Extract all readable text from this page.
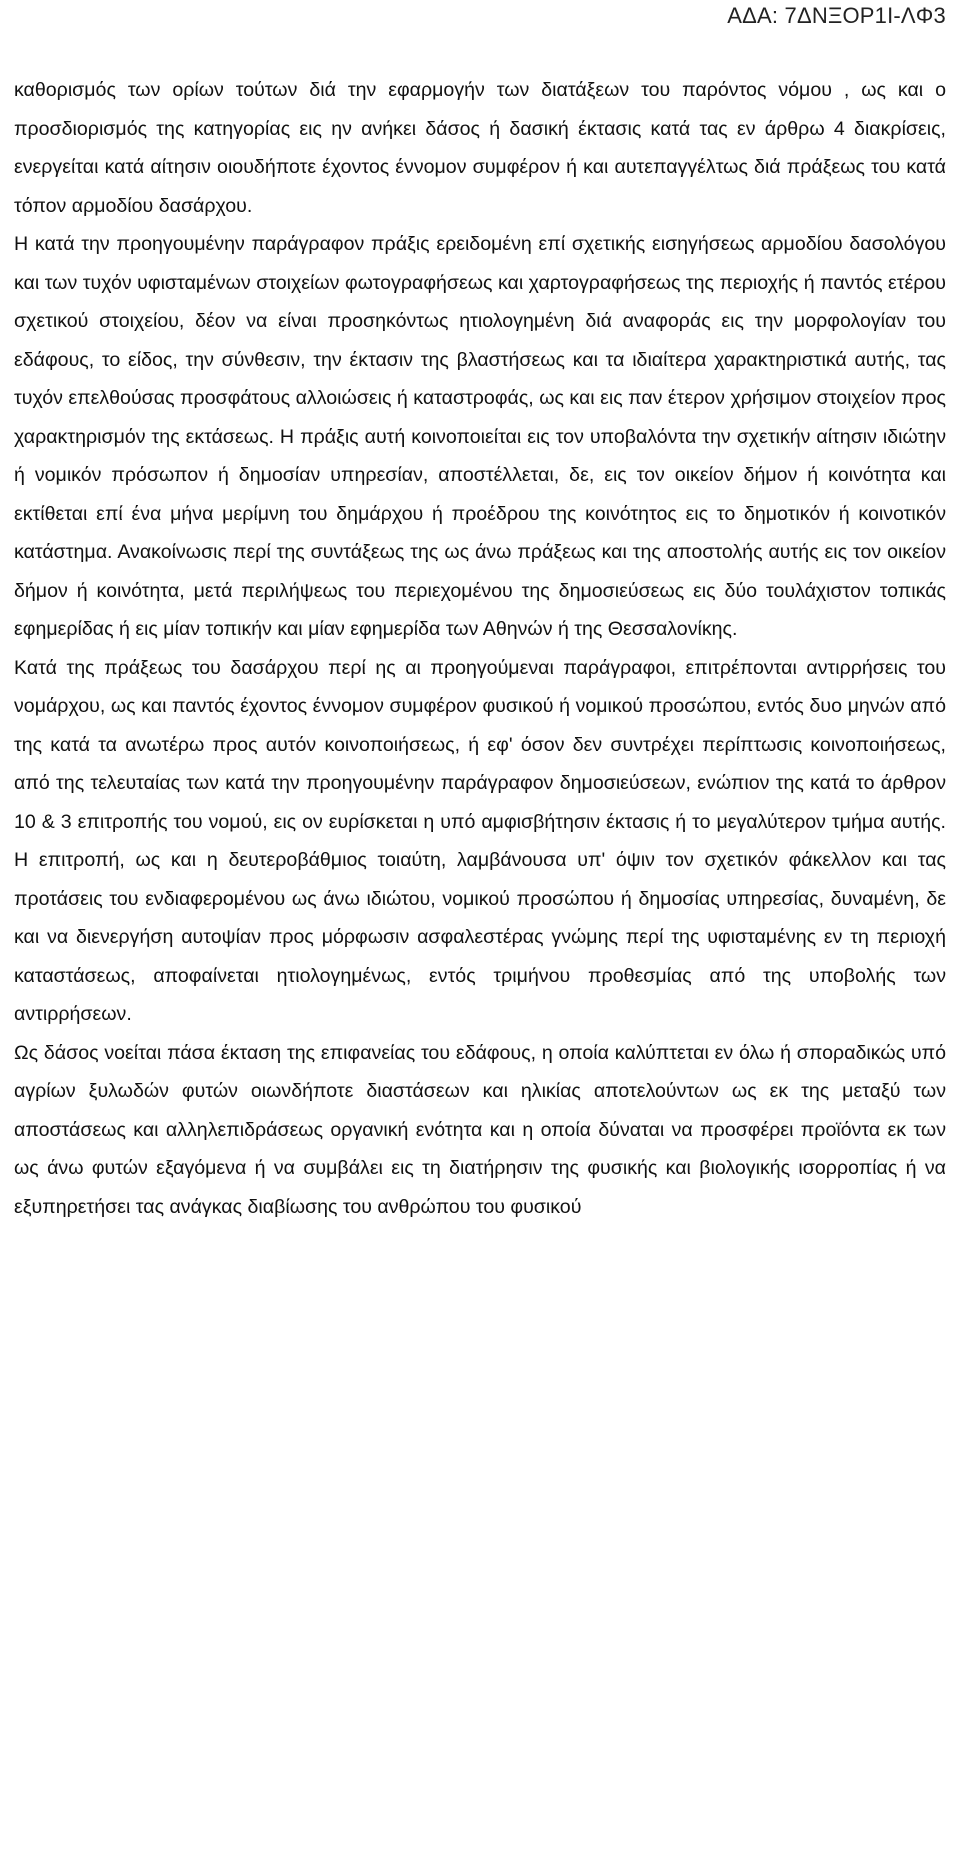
ΑΔΑ: 7ΔΝΞΟΡ1Ι-ΛΦ3

καθορισμός των ορίων τούτων διά την εφαρμογήν των διατάξεων του παρόντος νόμου , ως και ο προσδιορισμός της κατηγορίας εις ην ανήκει δάσος ή δασική έκτασις κατά τας εν άρθρω 4 διακρίσεις, ενεργείται κατά αίτησιν οιουδήποτε έχοντος έννομον συμφέρον ή και αυτεπαγγέλτως διά πράξεως του κατά τόπον αρμοδίου δασάρχου.

Η κατά την προηγουμένην παράγραφον πράξις ερειδομένη επί σχετικής εισηγήσεως αρμοδίου δασολόγου και των τυχόν υφισταμένων στοιχείων φωτογραφήσεως και χαρτογραφήσεως της περιοχής ή παντός ετέρου σχετικού στοιχείου, δέον να είναι προσηκόντως ητιολογημένη διά αναφοράς εις την μορφολογίαν του εδάφους, το είδος, την σύνθεσιν, την έκτασιν της βλαστήσεως και τα ιδιαίτερα χαρακτηριστικά αυτής, τας τυχόν επελθούσας προσφάτους αλλοιώσεις ή καταστροφάς, ως και εις παν έτερον χρήσιμον στοιχείον προς χαρακτηρισμόν της εκτάσεως. Η πράξις αυτή κοινοποιείται εις τον υποβαλόντα την σχετικήν αίτησιν ιδιώτην ή νομικόν πρόσωπον ή δημοσίαν υπηρεσίαν, αποστέλλεται, δε, εις τον οικείον δήμον ή κοινότητα και εκτίθεται επί ένα μήνα μερίμνη του δημάρχου ή προέδρου της κοινότητος εις το δημοτικόν ή κοινοτικόν κατάστημα. Ανακοίνωσις περί της συντάξεως της ως άνω πράξεως και της αποστολής αυτής εις τον οικείον δήμον ή κοινότητα, μετά περιλήψεως του περιεχομένου της δημοσιεύσεως εις δύο τουλάχιστον τοπικάς εφημερίδας ή εις μίαν τοπικήν και μίαν εφημερίδα των Αθηνών ή της Θεσσαλονίκης.

Κατά της πράξεως του δασάρχου περί ης αι προηγούμεναι παράγραφοι, επιτρέπονται αντιρρήσεις του νομάρχου, ως και παντός έχοντος έννομον συμφέρον φυσικού ή νομικού προσώπου, εντός δυο μηνών από της κατά τα ανωτέρω προς αυτόν κοινοποιήσεως, ή εφ' όσον δεν συντρέχει περίπτωσις κοινοποιήσεως, από της τελευταίας των κατά την προηγουμένην παράγραφον δημοσιεύσεων, ενώπιον της κατά το άρθρον 10 & 3 επιτροπής του νομού, εις ον ευρίσκεται η υπό αμφισβήτησιν έκτασις ή το μεγαλύτερον τμήμα αυτής. Η επιτροπή, ως και η δευτεροβάθμιος τοιαύτη, λαμβάνουσα υπ' όψιν τον σχετικόν φάκελλον και τας προτάσεις του ενδιαφερομένου ως άνω ιδιώτου, νομικού προσώπου ή δημοσίας υπηρεσίας, δυναμένη, δε και να διενεργήση αυτοψίαν προς μόρφωσιν ασφαλεστέρας γνώμης περί της υφισταμένης εν τη περιοχή καταστάσεως, αποφαίνεται ητιολογημένως, εντός τριμήνου προθεσμίας από της υποβολής των αντιρρήσεων.

Ως δάσος νοείται πάσα έκταση της επιφανείας του εδάφους, η οποία καλύπτεται εν όλω ή σποραδικώς υπό αγρίων ξυλωδών φυτών οιωνδήποτε διαστάσεων και ηλικίας αποτελούντων ως εκ της μεταξύ των αποστάσεως και αλληλεπιδράσεως οργανική ενότητα και η οποία δύναται να προσφέρει προϊόντα εκ των ως άνω φυτών εξαγόμενα ή να συμβάλει εις τη διατήρησιν της φυσικής και βιολογικής ισορροπίας ή να εξυπηρετήσει τας ανάγκας διαβίωσης του ανθρώπου του φυσικού
